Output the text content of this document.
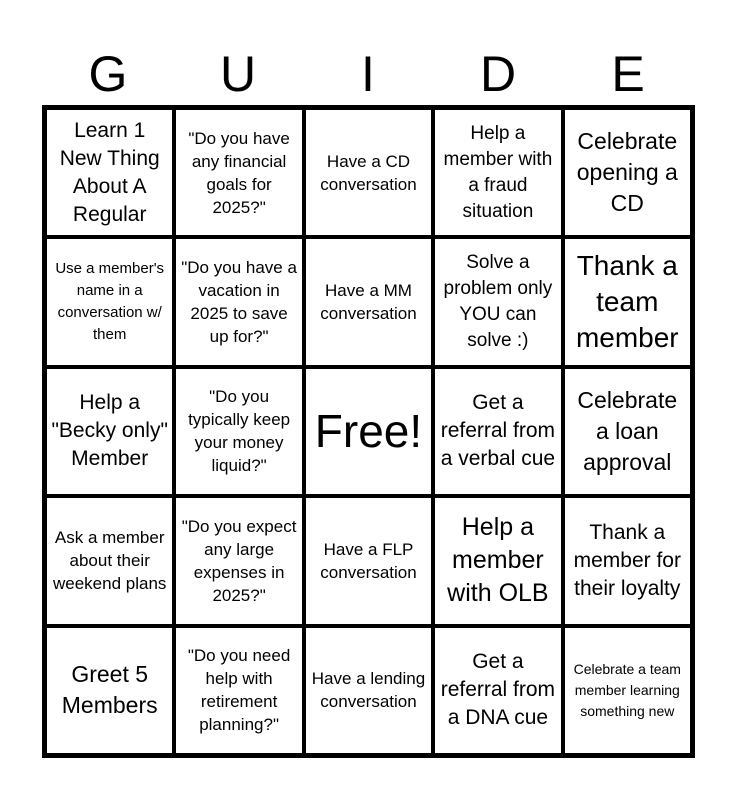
G	U	I	D	E
Learn 1 New Thing About A Regular
"Do you have any financial goals for 2025?"
Have a CD conversation
Help a member with a fraud situation
Celebrate opening a CD
Use a member's name in a conversation w/ them
"Do you have a vacation in 2025 to save up for?"
Have a MM conversation
Solve a problem only YOU can solve :)
Thank a team member
Help a "Becky only" Member
"Do you typically keep your money liquid?"
Free!
Get a referral from a verbal cue
Celebrate a loan approval
Ask a member about their weekend plans
"Do you expect any large expenses in 2025?"
Have a FLP conversation
Help a member with OLB
Thank a member for their loyalty
Greet 5 Members
"Do you need help with retirement planning?"
Have a lending conversation
Get a referral from a DNA cue
Celebrate a team member learning something new
